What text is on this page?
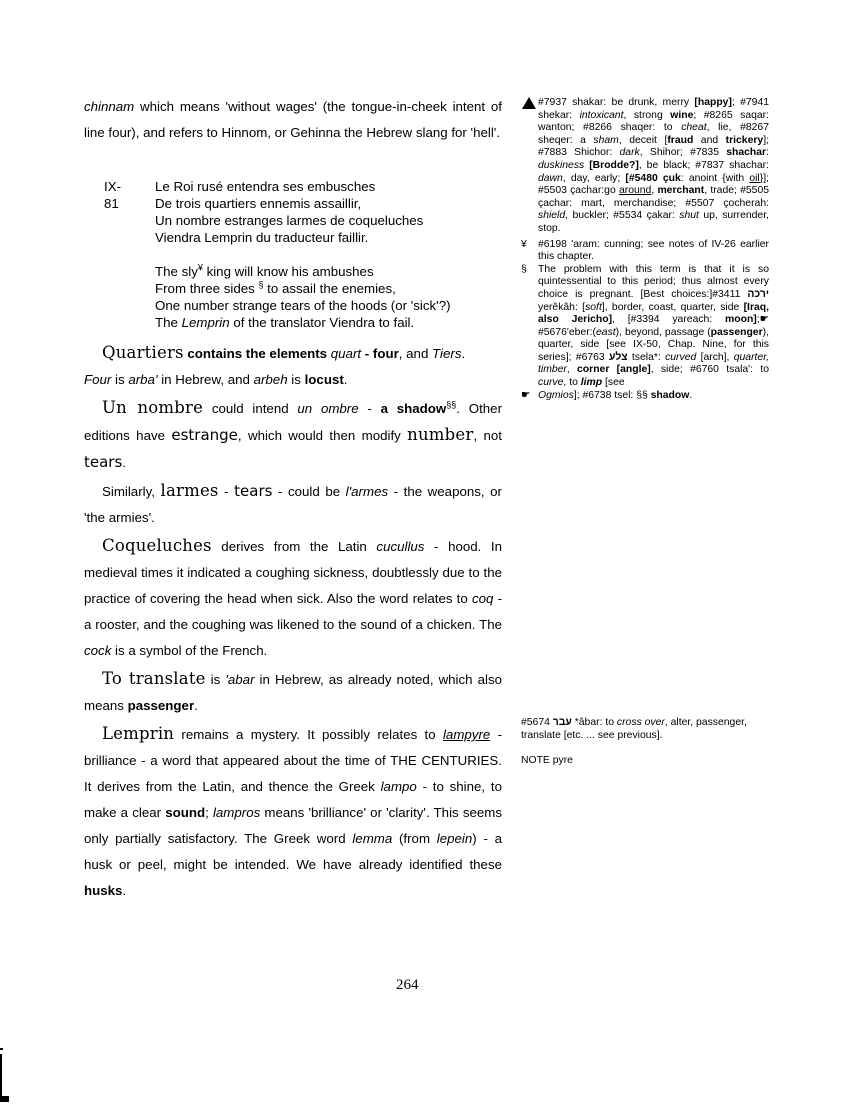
chinnam which means 'without wages' (the tongue-in-cheek intent of line four), and refers to Hinnom, or Gehinna the Hebrew slang for 'hell'.

IX-81
Le Roi rusé entendra ses embusches
De trois quartiers ennemis assaillir,
Un nombre estranges larmes de coqueluches
Viendra Lemprin du traducteur faillir.
The sly¥ king will know his ambushes
From three sides § to assail the enemies,
One number strange tears of the hoods (or 'sick'?)
The Lemprin of the translator Viendra to fail.

Quartiers contains the elements quart - four, and Tiers.
Four is arba' in Hebrew, and arbeh is locust.

Un nombre could intend un ombre - a shadow§§. Other editions have estrange, which would then modify number, not tears.

Similarly, larmes - tears - could be l'armes - the weapons, or 'the armies'.

Coqueluches derives from the Latin cucullus - hood. In medieval times it indicated a coughing sickness, doubtlessly due to the practice of covering the head when sick. Also the word relates to coq - a rooster, and the coughing was likened to the sound of a chicken. The cock is a symbol of the French.

To translate is 'abar in Hebrew, as already noted, which also means passenger.

Lemprin remains a mystery. It possibly relates to lampyre - brilliance - a word that appeared about the time of THE CENTURIES. It derives from the Latin, and thence the Greek lampo - to shine, to make a clear sound; lampros means 'brilliance' or 'clarity'. This seems only partially satisfactory. The Greek word lemma (from lepein) - a husk or peel, might be intended. We have already identified these husks.

#7937 shakar: be drunk, merry [happy]; #7941 shekar: intoxicant, strong wine; #8265 saqar: wanton; #8266 shaqer: to cheat, lie, #8267 sheqer: a sham, deceit [fraud and trickery]; #7883 Shichor: dark, Shihor; #7835 shachar: duskiness [Brodde?], be black; #7837 shachar: dawn, day, early; [#5480 çuk: anoint {with oil}]; #5503 çachar:go around, merchant, trade; #5505 çachar: mart, merchandise; #5507 çocherah: shield, buckler; #5534 çakar: shut up, surrender, stop.
¥ #6198 'aram: cunning; see notes of IV-26 earlier this chapter.
§ The problem with this term is that it is so quintessential to this period; thus almost every choice is pregnant. [Best choices:]#3411 ירכה yerêkâh: [soft], border, coast, quarter, side [Iraq, also Jericho], [#3394 yareach: moon];☛#5676'eber:(east), beyond, passage (passenger), quarter, side [see IX-50, Chap. Nine, for this series]; #6763 צלע tsela*: curved [arch], quarter, timber, corner [angle], side; #6760 tsala': to curve, to limp [see

☛ Ogmios]; #6738 tsel: §§ shadow.
#5674 עבר *âbar: to cross over, alter, passenger, translate [etc. ... see previous].
NOTE pyre
264
